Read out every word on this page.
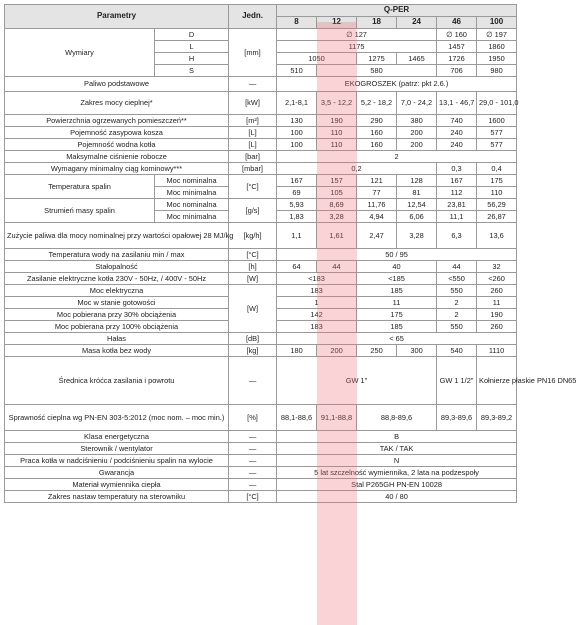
Parametry		Jedn.	Q-PER					
			8	12	18	24	46	100
Wymiary	D	[mm]	∅ 127				∅ 160	∅ 197
	L		1175				1457	1860
	H		1050		1275	1465	1726	1950
	S		510	580			706	980
Paliwo podstawowe		—	EKOGROSZEK (patrz: pkt 2.6.)					
Zakres mocy cieplnej*		[kW]	2,1-8,1	3,5 - 12,2	5,2 - 18,2	7,0 - 24,2	13,1 - 46,7	29,0 - 101,0
Powierzchnia ogrzewanych pomieszczeń**		[m²]	130	190	290	380	740	1600
Pojemność zasypowa kosza		[L]	100	110	160	200	240	577
Pojemność wodna kotła		[L]	100	110	160	200	240	577
Maksymalne ciśnienie robocze		[bar]	2					
Wymagany minimalny ciąg kominowy***		[mbar]	0,2				0,3	0,4
Temperatura spalin	Moc nominalna	[°C]	167	157	121	128	167	175
	Moc minimalna		69	105	77	81	112	110
Strumień masy spalin	Moc nominalna	[g/s]	5,93	8,69	11,76	12,54	23,81	56,29
	Moc minimalna		1,83	3,28	4,94	6,06	11,1	26,87
Zużycie paliwa dla mocy nominalnej przy wartości opałowej 28 MJ/kg		[kg/h]	1,1	1,61	2,47	3,28	6,3	13,6
Temperatura wody na zasilaniu min / max		[°C]	50 / 95					
Stałopalność		[h]	64	44	40		44	32
Zasilanie elektryczne kotła 230V - 50Hz, / 400V - 50Hz		[W]	<183		<185		<550	<260
Moc elektryczna		[W]	183		185		550	260
Moc w stanie gotowości			1		11		2	11
Moc pobierana przy 30% obciążenia			142		175		2	190
Moc pobierana przy 100% obciążenia			183		185		550	260
Hałas		[dB]	< 65					
Masa kotła bez wody		[kg]	180	200	250	300	540	1110
Średnica króćca zasilania i powrotu		—	GW 1"				GW 1 1/2"	Kołnierze płaskie PN16 DN65
Sprawność cieplna wg PN-EN 303-5:2012 (moc nom. – moc min.)		[%]	88,1-88,6	91,1-88,8	88,8-89,6		89,3-89,6	89,3-89,2
Klasa energetyczna		—	B					
Sterownik / wentylator		—	TAK / TAK					
Praca kotła w nadciśnieniu / podciśnieniu spalin na wylocie		—	N					
Gwarancja		—	5 lat szczelność wymiennika, 2 lata na podzespoły					
Materiał wymiennika ciepła		—	Stal P265GH PN-EN 10028					
Zakres nastaw temperatury na sterowniku		[°C]	40 / 80					
